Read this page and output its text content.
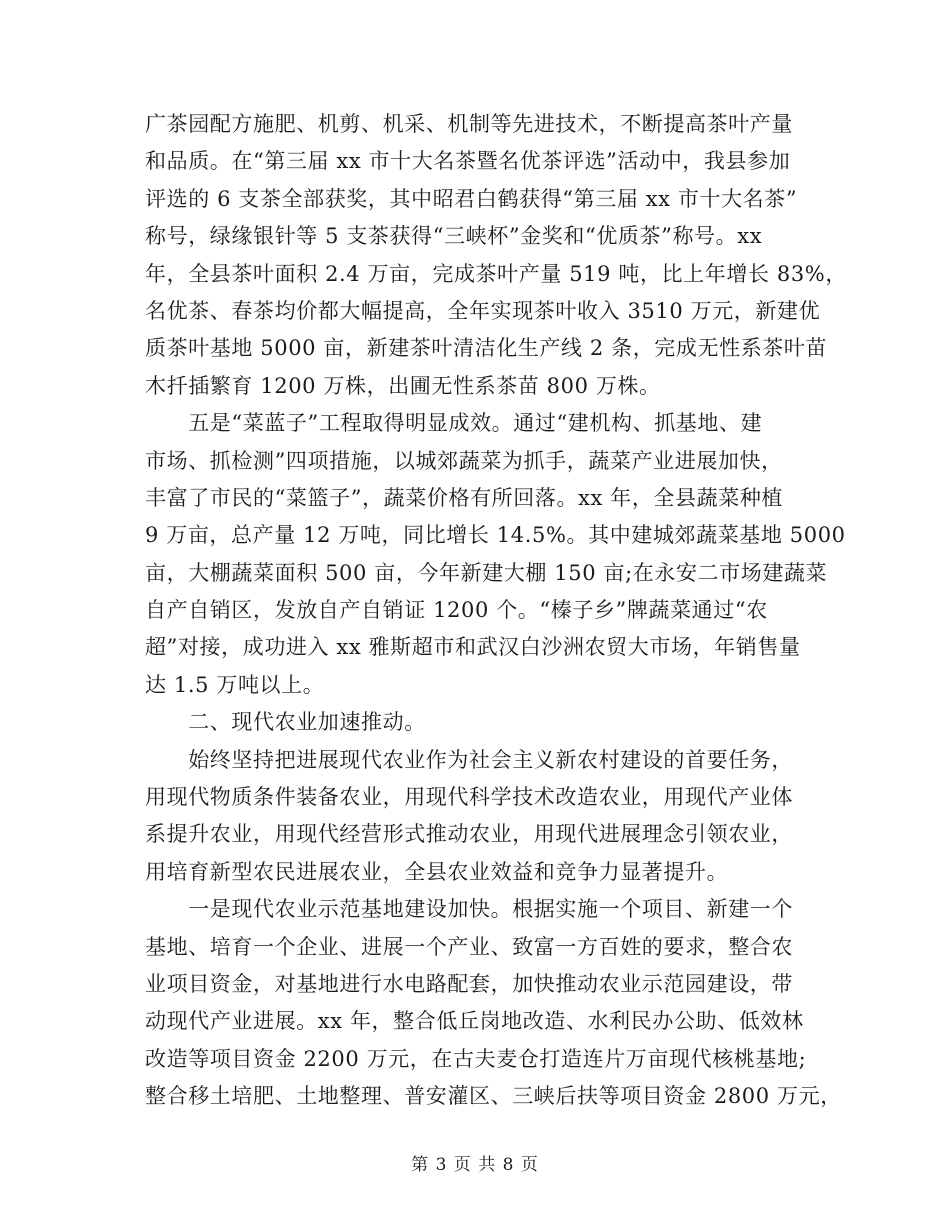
广茶园配方施肥、机剪、机采、机制等先进技术，不断提高茶叶产量
和品质。在“第三届 xx 市十大名茶暨名优茶评选”活动中，我县参加
评选的 6 支茶全部获奖，其中昭君白鹤获得“第三届 xx 市十大名茶”
称号，绿缘银针等 5 支茶获得“三峡杯”金奖和“优质茶”称号。xx
年，全县茶叶面积 2.4 万亩，完成茶叶产量 519 吨，比上年增长 83%，
名优茶、春茶均价都大幅提高，全年实现茶叶收入 3510 万元，新建优
质茶叶基地 5000 亩，新建茶叶清洁化生产线 2 条，完成无性系茶叶苗
木扦插繁育 1200 万株，出圃无性系茶苗 800 万株。
　　五是“菜蓝子”工程取得明显成效。通过“建机构、抓基地、建
市场、抓检测”四项措施，以城郊蔬菜为抓手，蔬菜产业进展加快，
丰富了市民的“菜篮子”，蔬菜价格有所回落。xx 年，全县蔬菜种植
9 万亩，总产量 12 万吨，同比增长 14.5%。其中建城郊蔬菜基地 5000
亩，大棚蔬菜面积 500 亩，今年新建大棚 150 亩;在永安二市场建蔬菜
自产自销区，发放自产自销证 1200 个。“榛子乡”牌蔬菜通过“农
超”对接，成功进入 xx 雅斯超市和武汉白沙洲农贸大市场，年销售量
达 1.5 万吨以上。
　　二、现代农业加速推动。
　　始终坚持把进展现代农业作为社会主义新农村建设的首要任务，
用现代物质条件装备农业，用现代科学技术改造农业，用现代产业体
系提升农业，用现代经营形式推动农业，用现代进展理念引领农业，
用培育新型农民进展农业，全县农业效益和竞争力显著提升。
　　一是现代农业示范基地建设加快。根据实施一个项目、新建一个
基地、培育一个企业、进展一个产业、致富一方百姓的要求，整合农
业项目资金，对基地进行水电路配套，加快推动农业示范园建设，带
动现代产业进展。xx 年，整合低丘岗地改造、水利民办公助、低效林
改造等项目资金 2200 万元，在古夫麦仓打造连片万亩现代核桃基地;
整合移土培肥、土地整理、普安灌区、三峡后扶等项目资金 2800 万元，
第 3 页 共 8 页
